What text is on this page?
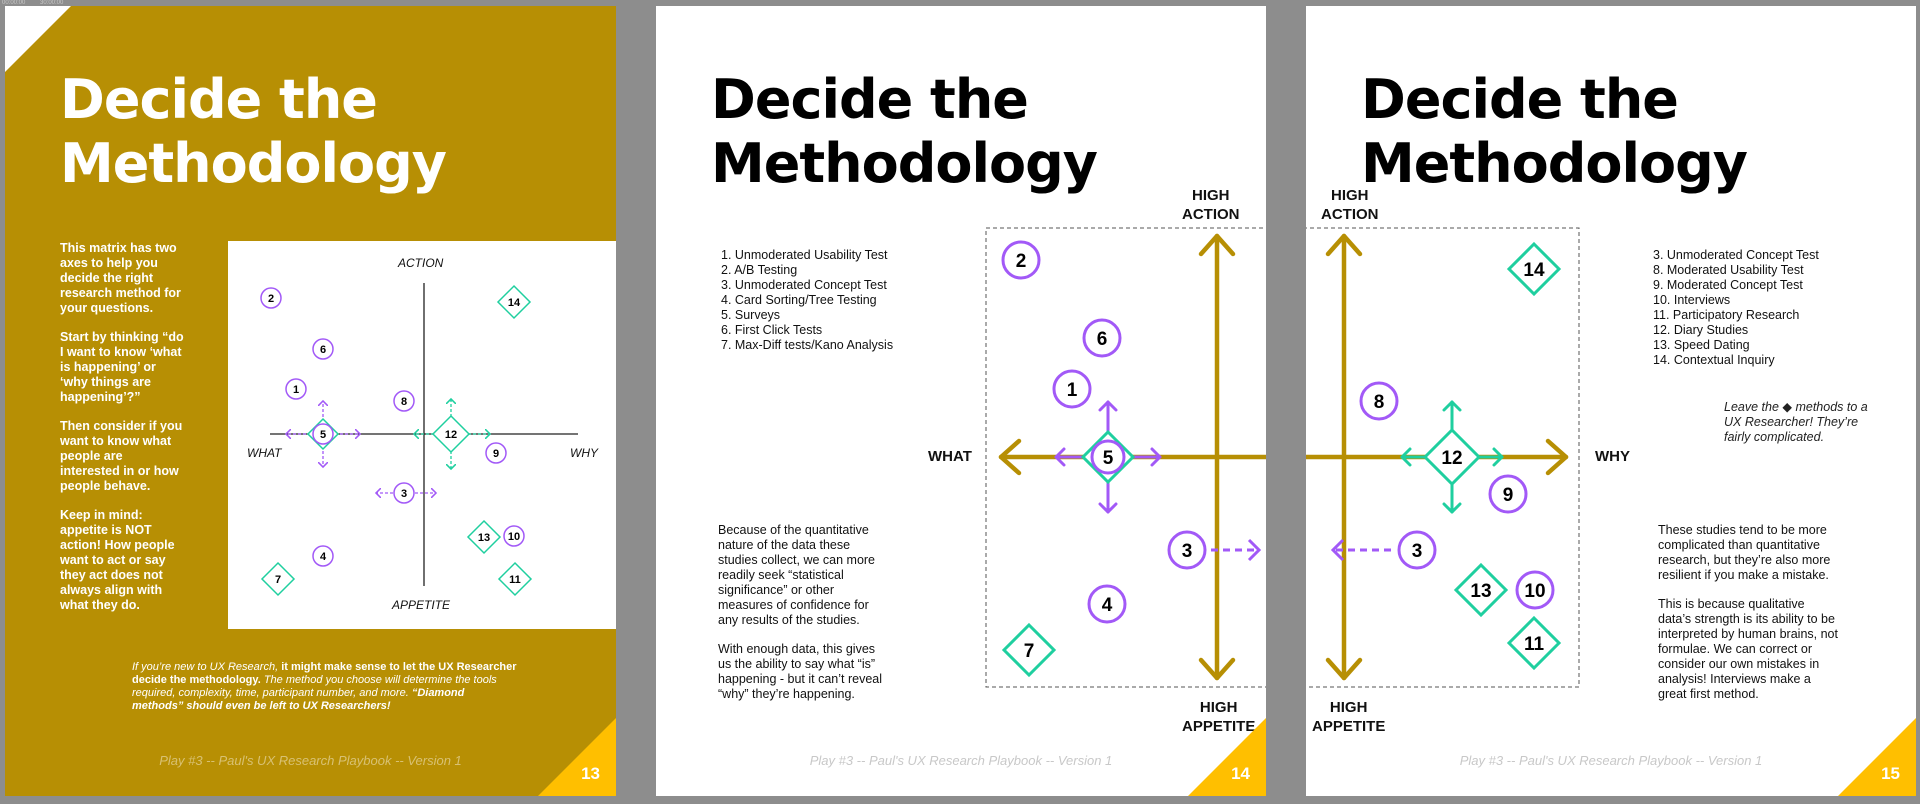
00:00:00 30:00:00
Decide the
Methodology

This matrix has two axes to help you decide the right research method for your questions.

Start by thinking “do I want to know ‘what is happening’ or ‘why things are happening’?”

Then consider if you want to know what people are interested in or how people behave.

Keep in mind: appetite is NOT action! How people want to act or say they act does not always align with what they do.

5	12
2
6
1
8
3
9
4
10
14
13
11
7
ACTION
APPETITE
WHAT	WHY
If you’re new to UX Research, it might make sense to let the UX Researcher decide the methodology. The method you choose will determine the tools required, complexity, time, participant number, and more. “Diamond methods” should even be left to UX Researchers!
Play #3 -- Paul's UX Research Playbook -- Version 1
13
Decide the
Methodology
1. Unmoderated Usability Test
2. A/B Testing
3. Unmoderated Concept Test
4. Card Sorting/Tree Testing
5. Surveys
6. First Click Tests
7. Max-Diff tests/Kano Analysis

Because of the quantitative nature of the data these studies collect, we can more readily seek “statistical significance” or other measures of confidence for any results of the studies.

With enough data, this gives us the ability to say what “is” happening - but it can’t reveal “why” they’re happening.

2
6
1
5
3
4
7
HIGH
ACTION
HIGH
APPETITE
WHAT
Play #3 -- Paul's UX Research Playbook -- Version 1
14
Decide the
Methodology
8
12
9
3
10
14
13
11
HIGH
ACTION
HIGH
APPETITE
WHY
3. Unmoderated Concept Test
8. Moderated Usability Test
9. Moderated Concept Test
10. Interviews
11. Participatory Research
12. Diary Studies
13. Speed Dating
14. Contextual Inquiry
Leave the ◆ methods to a UX Researcher! They’re fairly complicated.

These studies tend to be more complicated than quantitative research, but they’re also more resilient if you make a mistake.

This is because qualitative data’s strength is its ability to be interpreted by human brains, not formulae. We can correct or consider our own mistakes in analysis! Interviews make a great first method.

Play #3 -- Paul's UX Research Playbook -- Version 1
15
